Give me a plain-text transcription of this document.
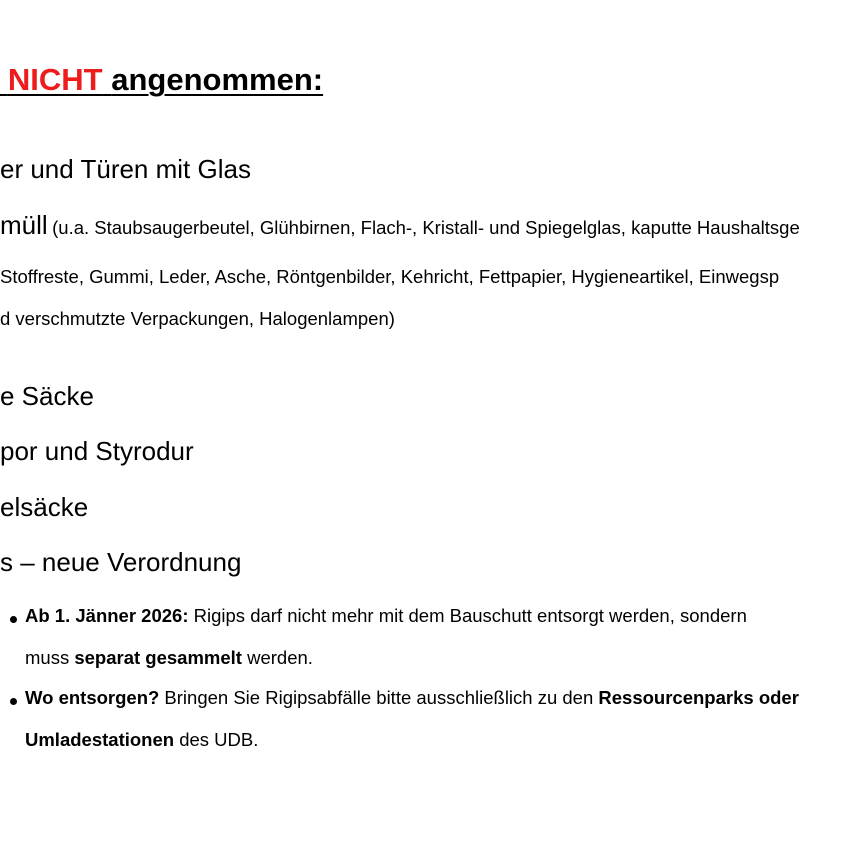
NICHT angenommen:
er und Türen mit Glas
müll (u.a. Staubsaugerbeutel, Glühbirnen, Flach-, Kristall- und Spiegelglas, kaputte Haushaltsge
Stoffreste, Gummi, Leder, Asche, Röntgenbilder, Kehricht, Fettpapier, Hygieneartikel, Einwegsp
d verschmutzte Verpackungen, Halogenlampen)
e Säcke
por und Styrodur
elsäcke
s – neue Verordnung
Ab 1. Jänner 2026: Rigips darf nicht mehr mit dem Bauschutt entsorgt werden, sondern
muss separat gesammelt werden.
Wo entsorgen? Bringen Sie Rigipsabfälle bitte ausschließlich zu den Ressourcenparks oder
Umladestationen des UDB.
